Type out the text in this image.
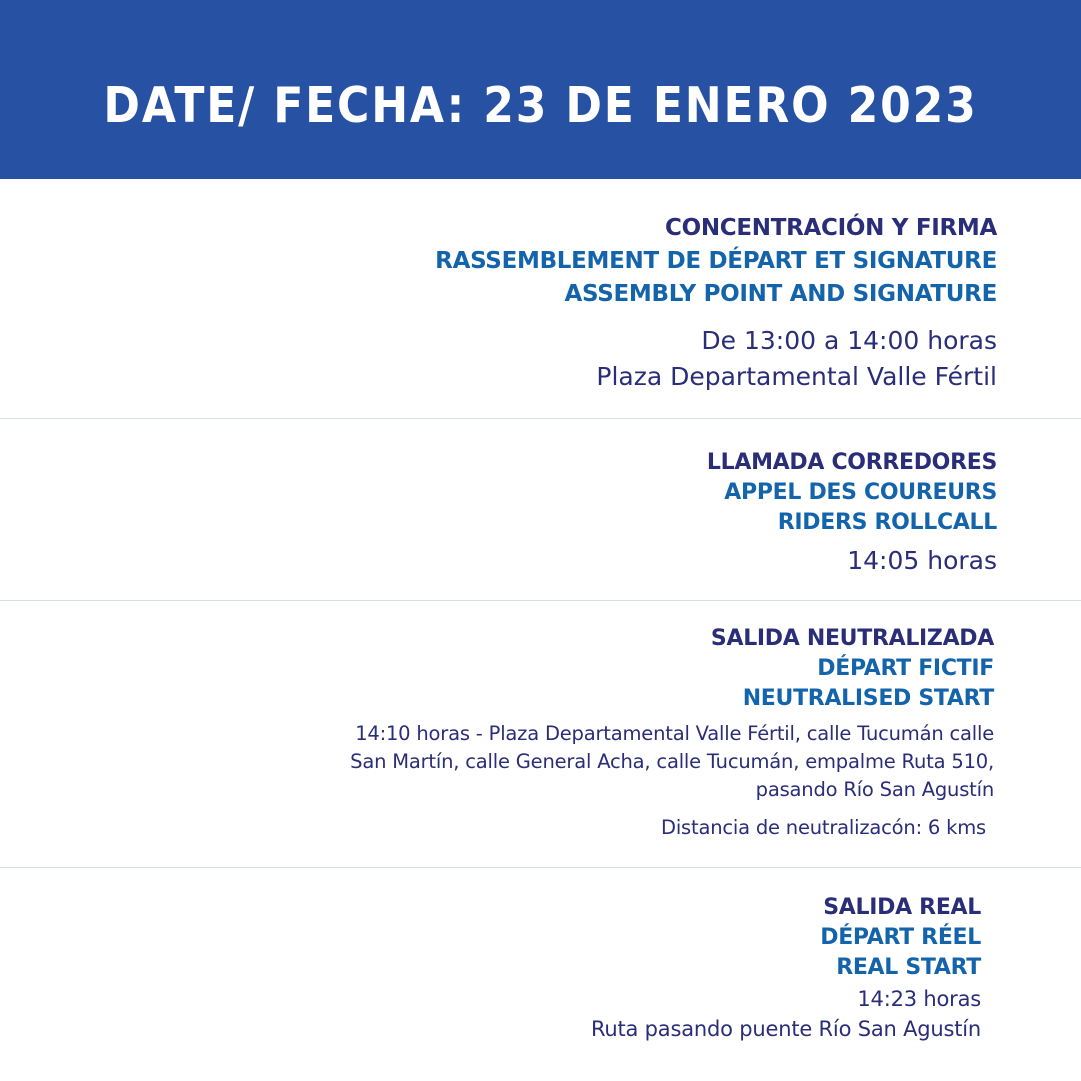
DATE/ FECHA: 23 DE ENERO 2023
CONCENTRACIÓN Y FIRMA
RASSEMBLEMENT DE DÉPART ET SIGNATURE
ASSEMBLY POINT AND SIGNATURE
De 13:00 a 14:00 horas
Plaza Departamental Valle Fértil
LLAMADA CORREDORES
APPEL DES COUREURS
RIDERS ROLLCALL
14:05 horas
SALIDA NEUTRALIZADA
DÉPART FICTIF
NEUTRALISED START
14:10 horas - Plaza Departamental Valle Fértil, calle Tucumán calle
San Martín, calle General Acha, calle Tucumán, empalme Ruta 510,
pasando Río San Agustín
Distancia de neutralizacón: 6 kms
SALIDA REAL
DÉPART RÉEL
REAL START
14:23 horas
Ruta pasando puente Río San Agustín
